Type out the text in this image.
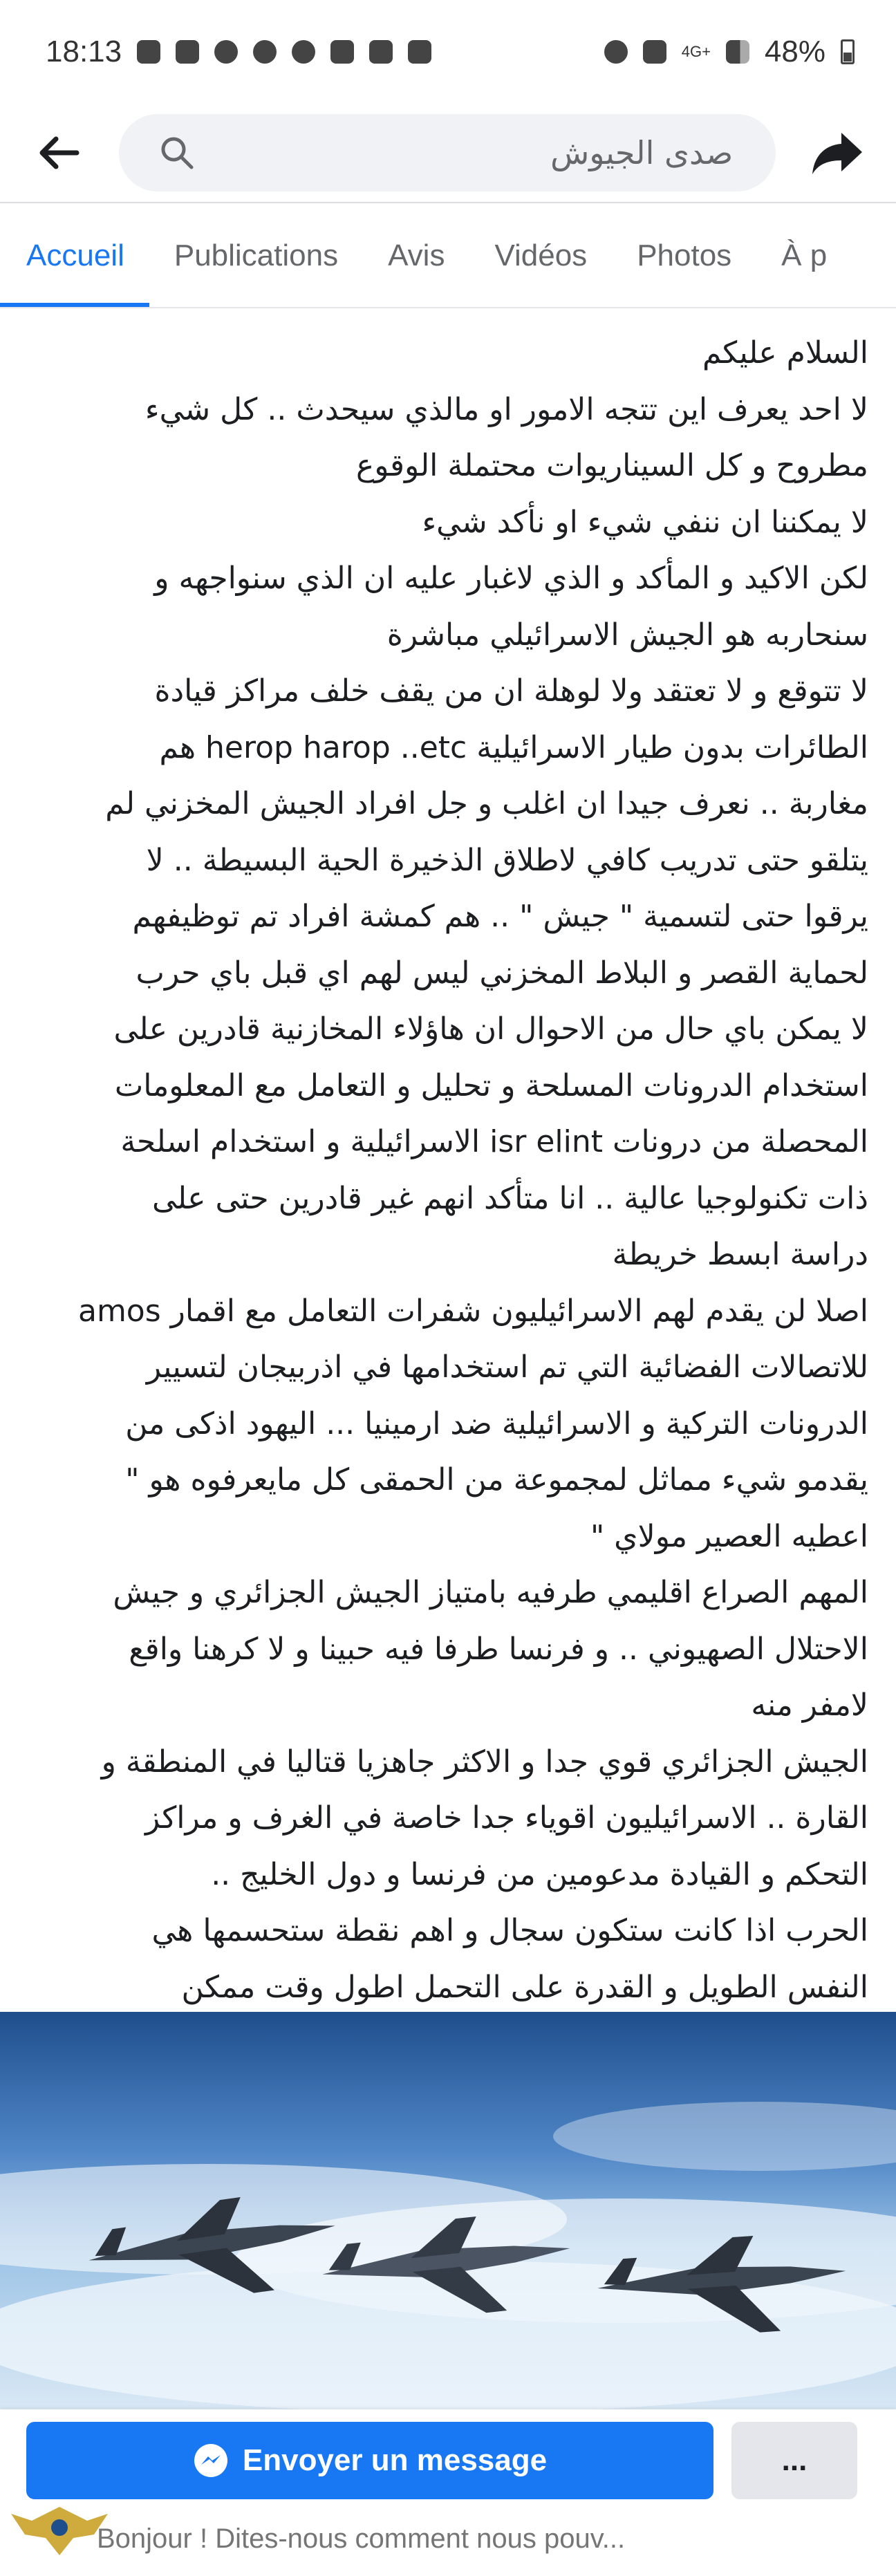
18:13	4G+ 48%
صدى الجيوش
Accueil	Publications	Avis	Vidéos	Photos	À p

السلام عليكم

لا احد يعرف اين تتجه الامور او مالذي سيحدث .. كل شيء

مطروح و كل السيناريوات محتملة الوقوع

لا يمكننا ان ننفي شيء او نأكد شيء

لكن الاكيد و المأكد و الذي لاغبار عليه ان الذي سنواجهه و

سنحاربه هو الجيش الاسرائيلي مباشرة

لا تتوقع و لا تعتقد ولا لوهلة ان من يقف خلف مراكز قيادة

الطائرات بدون طيار الاسرائيلية herop harop ..etc هم

مغاربة .. نعرف جيدا ان اغلب و جل افراد الجيش المخزني لم

يتلقو حتى تدريب كافي لاطلاق الذخيرة الحية البسيطة .. لا

يرقوا حتى لتسمية " جيش " .. هم كمشة افراد تم توظيفهم

لحماية القصر و البلاط المخزني ليس لهم اي قبل باي حرب

لا يمكن باي حال من الاحوال ان هاؤلاء المخازنية قادرين على

استخدام الدرونات المسلحة و تحليل و التعامل مع المعلومات

المحصلة من درونات isr elint الاسرائيلية و استخدام اسلحة

ذات تكنولوجيا عالية .. انا متأكد انهم غير قادرين حتى على

دراسة ابسط خريطة

اصلا لن يقدم لهم الاسرائيليون شفرات التعامل مع اقمار amos

للاتصالات الفضائية التي تم استخدامها في اذربيجان لتسيير

الدرونات التركية و الاسرائيلية ضد ارمينيا ... اليهود اذكى من

يقدمو شيء مماثل لمجموعة من الحمقى كل مايعرفوه هو "

اعطيه العصير مولاي "

المهم الصراع اقليمي طرفيه بامتياز الجيش الجزائري و جيش

الاحتلال الصهيوني .. و فرنسا طرفا فيه حبينا و لا كرهنا واقع

لامفر منه

الجيش الجزائري قوي جدا و الاكثر جاهزيا قتاليا في المنطقة و

القارة .. الاسرائيليون اقوياء جدا خاصة في الغرف و مراكز

التحكم و القيادة مدعومين من فرنسا و دول الخليج ..

الحرب اذا كانت ستكون سجال و اهم نقطة ستحسمها هي

النفس الطويل و القدرة على التحمل اطول وقت ممكن

Envoyer un message	...
Bonjour ! Dites-nous comment nous pouv...
